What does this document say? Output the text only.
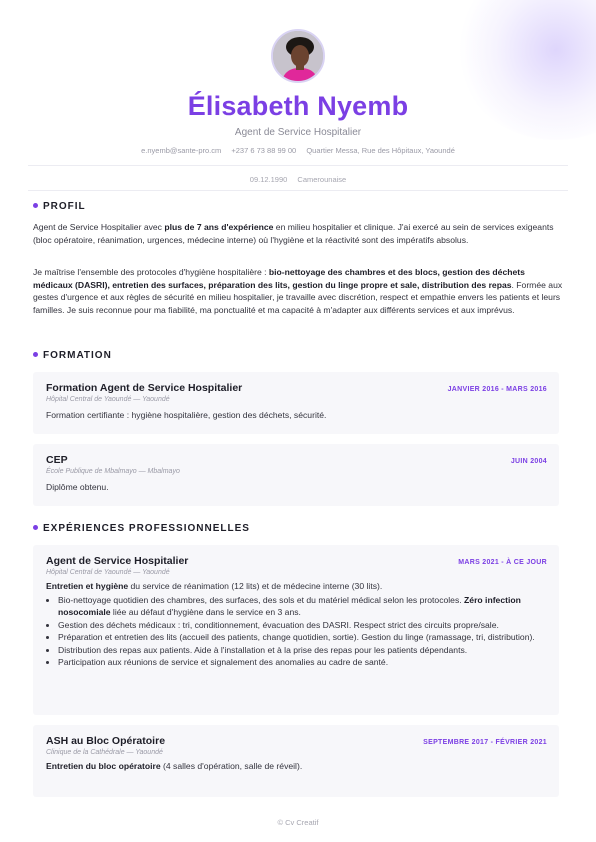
Élisabeth Nyemb
Agent de Service Hospitalier
e.nyemb@sante-pro.cm +237 6 73 88 99 00 Quartier Messa, Rue des Hôpitaux, Yaoundé
09.12.1990 Camerounaise
PROFIL
Agent de Service Hospitalier avec plus de 7 ans d'expérience en milieu hospitalier et clinique. J'ai exercé au sein de services exigeants (bloc opératoire, réanimation, urgences, médecine interne) où l'hygiène et la réactivité sont des impératifs absolus.
Je maîtrise l'ensemble des protocoles d'hygiène hospitalière : bio-nettoyage des chambres et des blocs, gestion des déchets médicaux (DASRI), entretien des surfaces, préparation des lits, gestion du linge propre et sale, distribution des repas. Formée aux gestes d'urgence et aux règles de sécurité en milieu hospitalier, je travaille avec discrétion, respect et empathie envers les patients et leurs familles. Je suis reconnue pour ma fiabilité, ma ponctualité et ma capacité à m'adapter aux différents services et aux imprévus.
FORMATION
Formation Agent de Service Hospitalier	JANVIER 2016 - MARS 2016
Hôpital Central de Yaoundé — Yaoundé
Formation certifiante : hygiène hospitalière, gestion des déchets, sécurité.
CEP	JUIN 2004
École Publique de Mbalmayo — Mbalmayo
Diplôme obtenu.
EXPÉRIENCES PROFESSIONNELLES
Agent de Service Hospitalier	MARS 2021 - À CE JOUR
Hôpital Central de Yaoundé — Yaoundé
Entretien et hygiène du service de réanimation (12 lits) et de médecine interne (30 lits).
• Bio-nettoyage quotidien des chambres, des surfaces, des sols et du matériel médical selon les protocoles. Zéro infection nosocomiale liée au défaut d'hygiène dans le service en 3 ans.
• Gestion des déchets médicaux : tri, conditionnement, évacuation des DASRI. Respect strict des circuits propre/sale.
• Préparation et entretien des lits (accueil des patients, change quotidien, sortie). Gestion du linge (ramassage, tri, distribution).
• Distribution des repas aux patients. Aide à l'installation et à la prise des repas pour les patients dépendants.
• Participation aux réunions de service et signalement des anomalies au cadre de santé.
ASH au Bloc Opératoire	SEPTEMBRE 2017 - FÉVRIER 2021
Clinique de la Cathédrale — Yaoundé
Entretien du bloc opératoire (4 salles d'opération, salle de réveil).
© Cv Creatif
